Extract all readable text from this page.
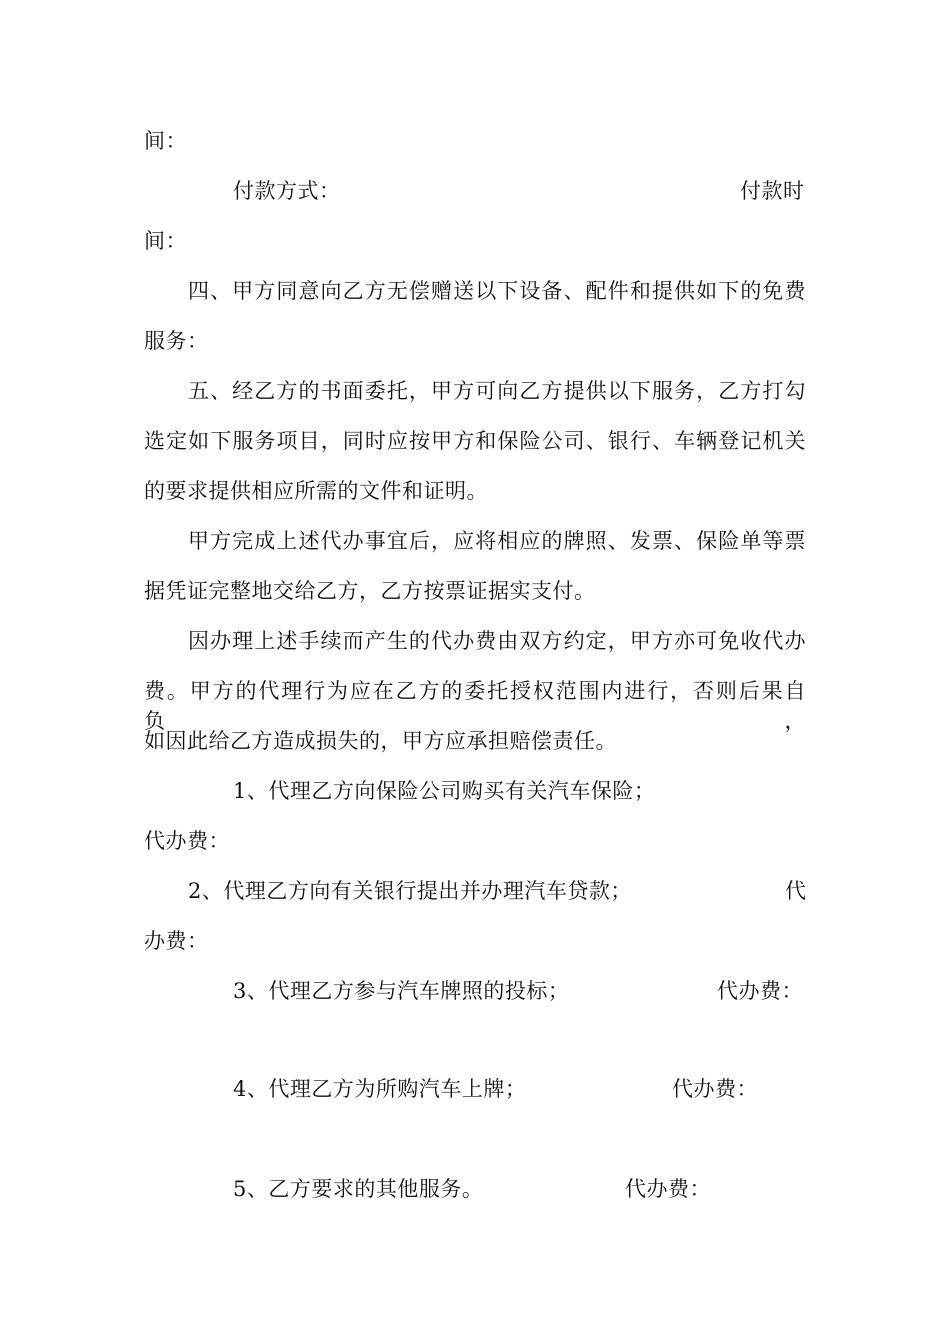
间：
付款方式：	付款时
间：
四、甲方同意向乙方无偿赠送以下设备、配件和提供如下的免费
服务：
五、经乙方的书面委托，甲方可向乙方提供以下服务，乙方打勾
选定如下服务项目，同时应按甲方和保险公司、银行、车辆登记机关
的要求提供相应所需的文件和证明。
甲方完成上述代办事宜后，应将相应的牌照、发票、保险单等票
据凭证完整地交给乙方，乙方按票证据实支付。
因办理上述手续而产生的代办费由双方约定，甲方亦可免收代办
费。甲方的代理行为应在乙方的委托授权范围内进行，否则后果自负，
如因此给乙方造成损失的，甲方应承担赔偿责任。
1、代理乙方向保险公司购买有关汽车保险；
代办费：
2、代理乙方向有关银行提出并办理汽车贷款；	代
办费：
3、代理乙方参与汽车牌照的投标；	代办费：
4、代理乙方为所购汽车上牌；	代办费：
5、乙方要求的其他服务。	代办费：
